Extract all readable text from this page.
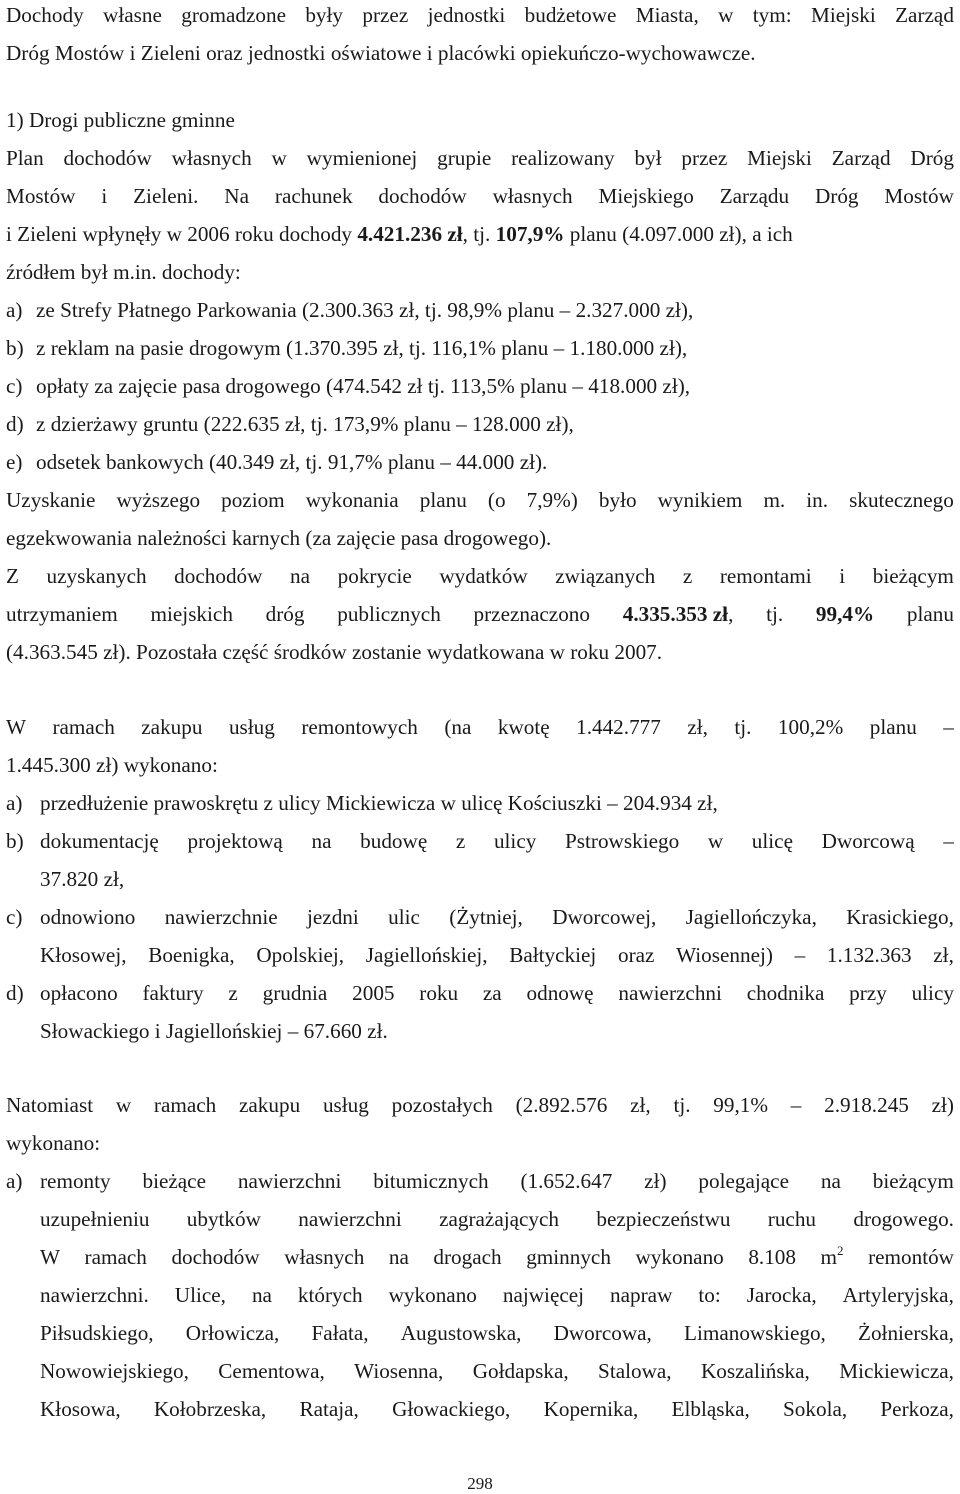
Dochody własne gromadzone były przez jednostki budżetowe Miasta, w tym: Miejski Zarząd
Dróg Mostów i Zieleni oraz jednostki oświatowe i placówki opiekuńczo-wychowawcze.
1) Drogi publiczne gminne
Plan dochodów własnych w wymienionej grupie realizowany był przez Miejski Zarząd Dróg
Mostów i Zieleni. Na rachunek dochodów własnych Miejskiego Zarządu Dróg Mostów
i Zieleni wpłynęły w 2006 roku dochody 4.421.236 zł, tj. 107,9% planu (4.097.000 zł), a ich
źródłem był m.in. dochody:
a) ze Strefy Płatnego Parkowania (2.300.363 zł, tj. 98,9% planu – 2.327.000 zł),
b) z reklam na pasie drogowym (1.370.395 zł, tj. 116,1% planu – 1.180.000 zł),
c) opłaty za zajęcie pasa drogowego (474.542 zł tj. 113,5% planu – 418.000 zł),
d) z dzierżawy gruntu (222.635 zł, tj. 173,9% planu – 128.000 zł),
e) odsetek bankowych (40.349 zł, tj. 91,7% planu – 44.000 zł).
Uzyskanie wyższego poziom wykonania planu (o 7,9%) było wynikiem m. in. skutecznego
egzekwowania należności karnych (za zajęcie pasa drogowego).
Z uzyskanych dochodów na pokrycie wydatków związanych z remontami i bieżącym
utrzymaniem miejskich dróg publicznych przeznaczono 4.335.353 zł, tj. 99,4% planu
(4.363.545 zł). Pozostała część środków zostanie wydatkowana w roku 2007.
W ramach zakupu usług remontowych (na kwotę 1.442.777 zł, tj. 100,2% planu –
1.445.300 zł) wykonano:
a) przedłużenie prawoskrętu z ulicy Mickiewicza w ulicę Kościuszki – 204.934 zł,
b) dokumentację projektową na budowę z ulicy Pstrowskiego w ulicę Dworcową –
37.820 zł,
c) odnowiono nawierzchnie jezdni ulic (Żytniej, Dworcowej, Jagiellończyka, Krasickiego,
Kłosowej, Boenigka, Opolskiej, Jagiellońskiej, Bałtyckiej oraz Wiosennej) – 1.132.363 zł,
d) opłacono faktury z grudnia 2005 roku za odnowę nawierzchni chodnika przy ulicy
Słowackiego i Jagiellońskiej – 67.660 zł.
Natomiast w ramach zakupu usług pozostałych (2.892.576 zł, tj. 99,1% – 2.918.245 zł)
wykonano:
a) remonty bieżące nawierzchni bitumicznych (1.652.647 zł) polegające na bieżącym
uzupełnieniu ubytków nawierzchni zagrażających bezpieczeństwu ruchu drogowego.
W ramach dochodów własnych na drogach gminnych wykonano 8.108 $m^2$ remontów
nawierzchni. Ulice, na których wykonano najwięcej napraw to: Jarocka, Artyleryjska,
Piłsudskiego, Orłowicza, Fałata, Augustowska, Dworcowa, Limanowskiego, Żołnierska,
Nowowiejskiego, Cementowa, Wiosenna, Gołdapska, Stalowa, Koszalińska, Mickiewicza,
Kłosowa, Kołobrzeska, Rataja, Głowackiego, Kopernika, Elbląska, Sokola, Perkoza,
298
